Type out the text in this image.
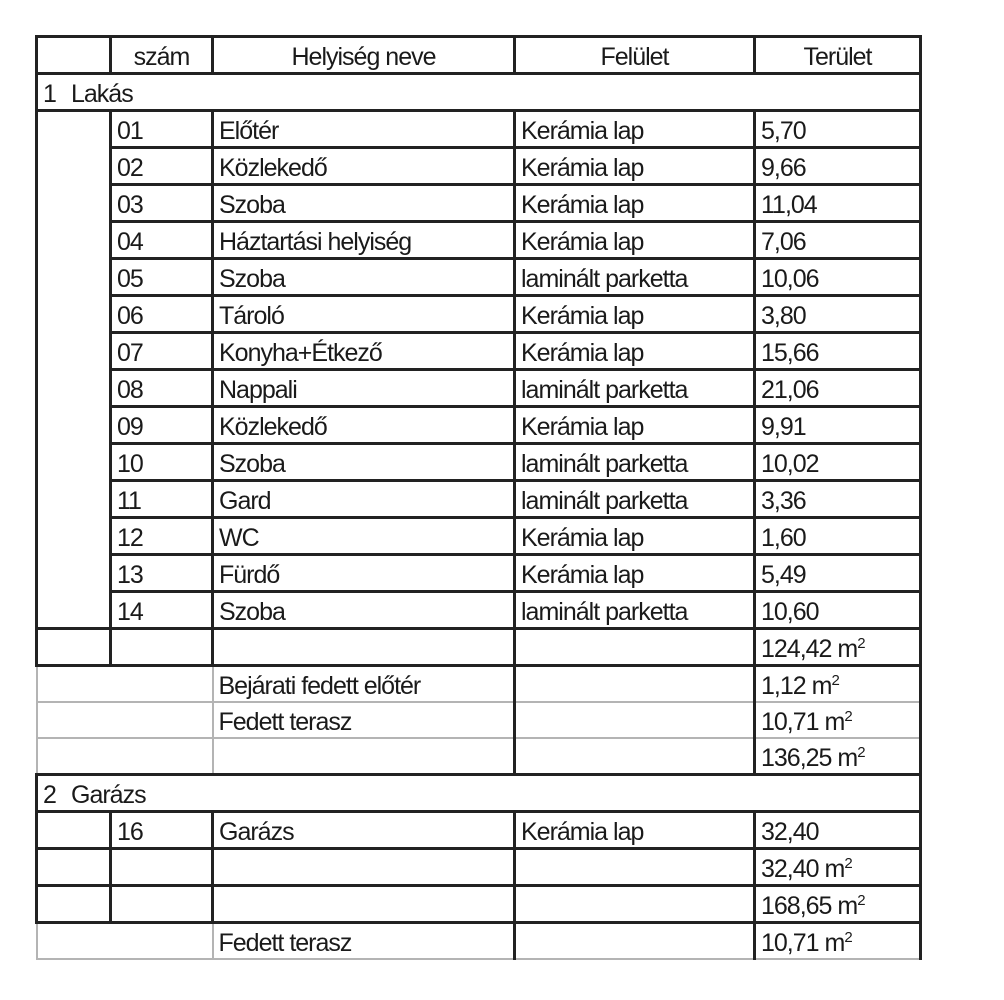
	szám	Helyiség neve	Felület	Terület
1 Lakás				
	01	Előtér	Kerámia lap	5,70
	02	Közlekedő	Kerámia lap	9,66
	03	Szoba	Kerámia lap	11,04
	04	Háztartási helyiség	Kerámia lap	7,06
	05	Szoba	laminált parketta	10,06
	06	Tároló	Kerámia lap	3,80
	07	Konyha+Étkező	Kerámia lap	15,66
	08	Nappali	laminált parketta	21,06
	09	Közlekedő	Kerámia lap	9,91
	10	Szoba	laminált parketta	10,02
	11	Gard	laminált parketta	3,36
	12	WC	Kerámia lap	1,60
	13	Fürdő	Kerámia lap	5,49
	14	Szoba	laminált parketta	10,60
				124,42 $m^2$
		Bejárati fedett előtér		1,12 $m^2$
		Fedett terasz		10,71 $m^2$
				136,25 $m^2$
2 Garázs				
	16	Garázs	Kerámia lap	32,40
				32,40 $m^2$
				168,65 $m^2$
		Fedett terasz		10,71 $m^2$
